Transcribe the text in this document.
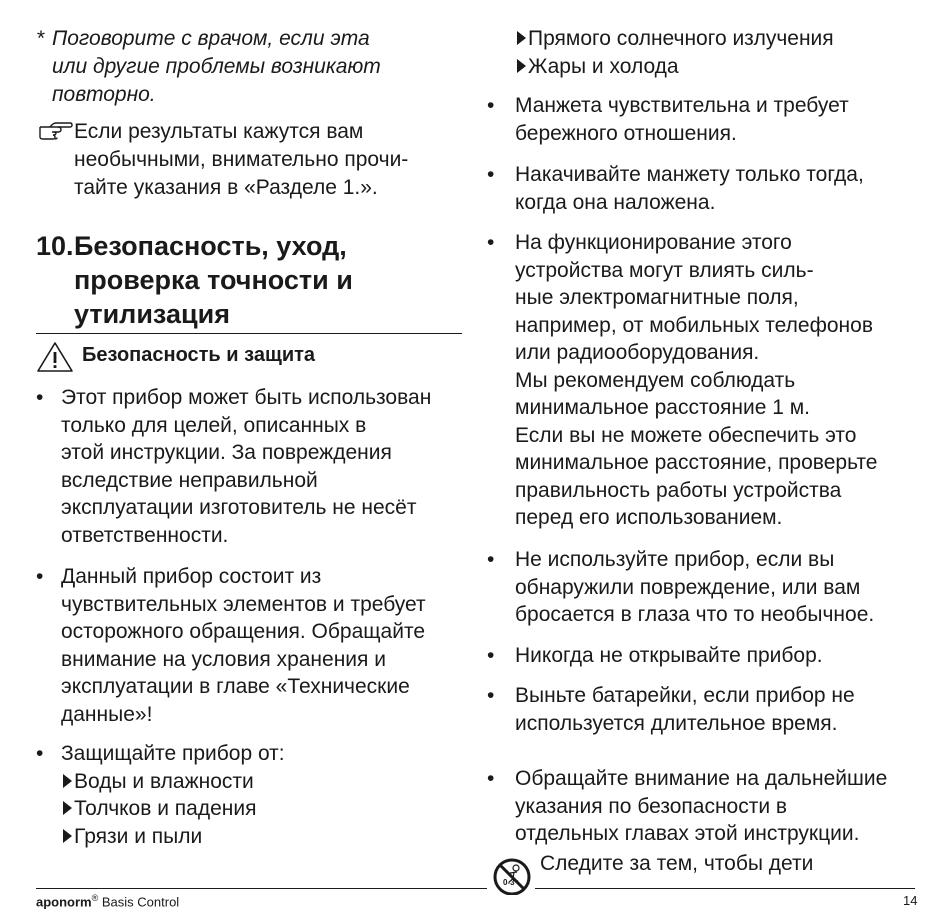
* Поговорите с врачом, если эта
или другие проблемы возникают
повторно.
Если результаты кажутся вам
необычными, внимательно прочи-
тайте указания в «Разделе 1.».
10. Безопасность, уход,
проверка точности и
утилизация
Безопасность и защита
• Этот прибор может быть использован
только для целей, описанных в
этой инструкции. За повреждения
вследствие неправильной
эксплуатации изготовитель не несёт
ответственности.
• Данный прибор состоит из
чувствительных элементов и требует
осторожного обращения. Обращайте
внимание на условия хранения и
эксплуатации в главе «Технические
данные»!
• Защищайте прибор от:
Воды и влажности
Толчков и падения
Грязи и пыли
Прямого солнечного излучения
Жары и холода
• Манжета чувствительна и требует
бережного отношения.
• Накачивайте манжету только тогда,
когда она наложена.
• На функционирование этого
устройства могут влиять силь-
ные электромагнитные поля,
например, от мобильных телефонов
или радиооборудования.
Мы рекомендуем соблюдать
минимальное расстояние 1 м.
Если вы не можете обеспечить это
минимальное расстояние, проверьте
правильность работы устройства
перед его использованием.
• Не используйте прибор, если вы
обнаружили повреждение, или вам
бросается в глаза что то необычное.
• Никогда не открывайте прибор.
• Выньте батарейки, если прибор не
используется длительное время.
• Обращайте внимание на дальнейшие
указания по безопасности в
отдельных главах этой инструкции.
0-3
Следите за тем, чтобы дети
aponorm® Basis Control	14
